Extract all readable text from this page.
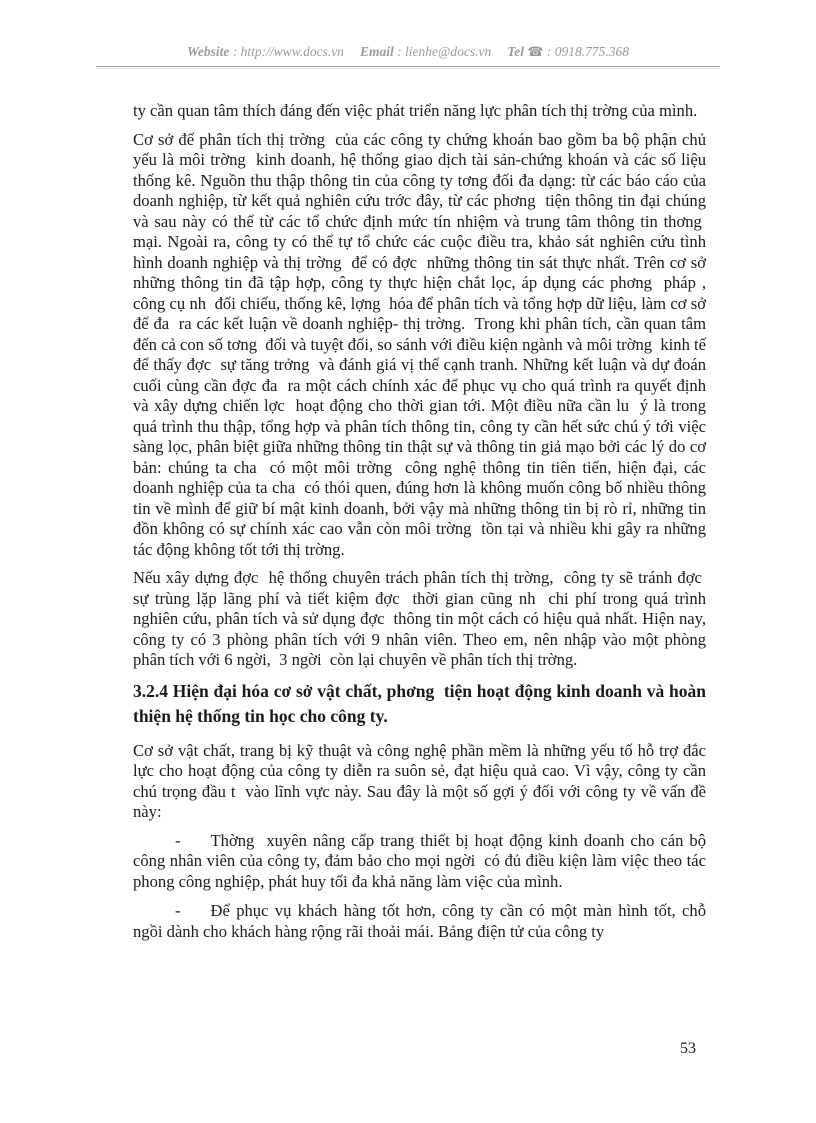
Website : http://www.docs.vn Email : lienhe@docs.vn Tel ☎ : 0918.775.368

ty cần quan tâm thích đáng đến việc phát triển năng lực phân tích thị trờng của mình.

Cơ sở để phân tích thị trờng  của các công ty chứng khoán bao gồm ba bộ phận chủ yếu là môi trờng  kinh doanh, hệ thống giao dịch tài sản-chứng khoán và các số liệu thống kê. Nguồn thu thập thông tin của công ty tơng đối đa dạng: từ các báo cáo của doanh nghiệp, từ kết quả nghiên cứu trớc đây, từ các phơng  tiện thông tin đại chúng và sau này có thể từ các tổ chức định mức tín nhiệm và trung tâm thông tin thơng  mại. Ngoài ra, công ty có thể tự tổ chức các cuộc điều tra, khảo sát nghiên cứu tình hình doanh nghiệp và thị trờng  để có đợc  những thông tin sát thực nhất. Trên cơ sở những thông tin đã tập hợp, công ty thực hiện chắt lọc, áp dụng các phơng  pháp , công cụ nh  đối chiếu, thống kê, lợng  hóa để phân tích và tổng hợp dữ liệu, làm cơ sở để đa  ra các kết luận về doanh nghiệp- thị trờng.  Trong khi phân tích, cần quan tâm đến cả con số tơng  đối và tuyệt đối, so sánh với điều kiện ngành và môi trờng  kinh tế để thấy đợc  sự tăng trởng  và đánh giá vị thế cạnh tranh. Những kết luận và dự đoán cuối cùng cần đợc đa  ra một cách chính xác để phục vụ cho quá trình ra quyết định và xây dựng chiến lợc  hoạt động cho thời gian tới. Một điều nữa cần lu  ý là trong quá trình thu thập, tổng hợp và phân tích thông tin, công ty cần hết sức chú ý tới việc sàng lọc, phân biệt giữa những thông tin thật sự và thông tin giả mạo bởi các lý do cơ bản: chúng ta cha  có một môi trờng  công nghệ thông tin tiên tiến, hiện đại, các doanh nghiệp của ta cha  có thói quen, đúng hơn là không muốn công bố nhiều thông tin về mình để giữ bí mật kinh doanh, bởi vậy mà những thông tin bị rò rỉ, những tin đồn không có sự chính xác cao vẫn còn môi trờng  tồn tại và nhiều khi gây ra những tác động không tốt tới thị trờng.

Nếu xây dựng đợc  hệ thống chuyên trách phân tích thị trờng,  công ty sẽ tránh đợc  sự trùng lặp lãng phí và tiết kiệm đợc  thời gian cũng nh  chi phí trong quá trình nghiên cứu, phân tích và sử dụng đợc  thông tin một cách có hiệu quả nhất. Hiện nay, công ty có 3 phòng phân tích với 9 nhân viên. Theo em, nên nhập vào một phòng phân tích với 6 ngời,  3 ngời  còn lại chuyên về phân tích thị trờng.

3.2.4 Hiện đại hóa cơ sở vật chất, phơng  tiện hoạt động kinh doanh và hoàn thiện hệ thống tin học cho công ty.

Cơ sở vật chất, trang bị kỹ thuật và công nghệ phần mềm là những yếu tố hỗ trợ đắc lực cho hoạt động của công ty diễn ra suôn sẻ, đạt hiệu quả cao. Vì vậy, công ty cần chú trọng đầu t  vào lĩnh vực này. Sau đây là một số gợi ý đối với công ty về vấn đề này:

- Thờng  xuyên nâng cấp trang thiết bị hoạt động kinh doanh cho cán bộ công nhân viên của công ty, đảm bảo cho mọi ngời  có đủ điều kiện làm việc theo tác phong công nghiệp, phát huy tối đa khả năng làm việc của mình.

- Để phục vụ khách hàng tốt hơn, công ty cần có một màn hình tốt, chỗ ngồi dành cho khách hàng rộng rãi thoải mái. Bảng điện tử của công ty

53
